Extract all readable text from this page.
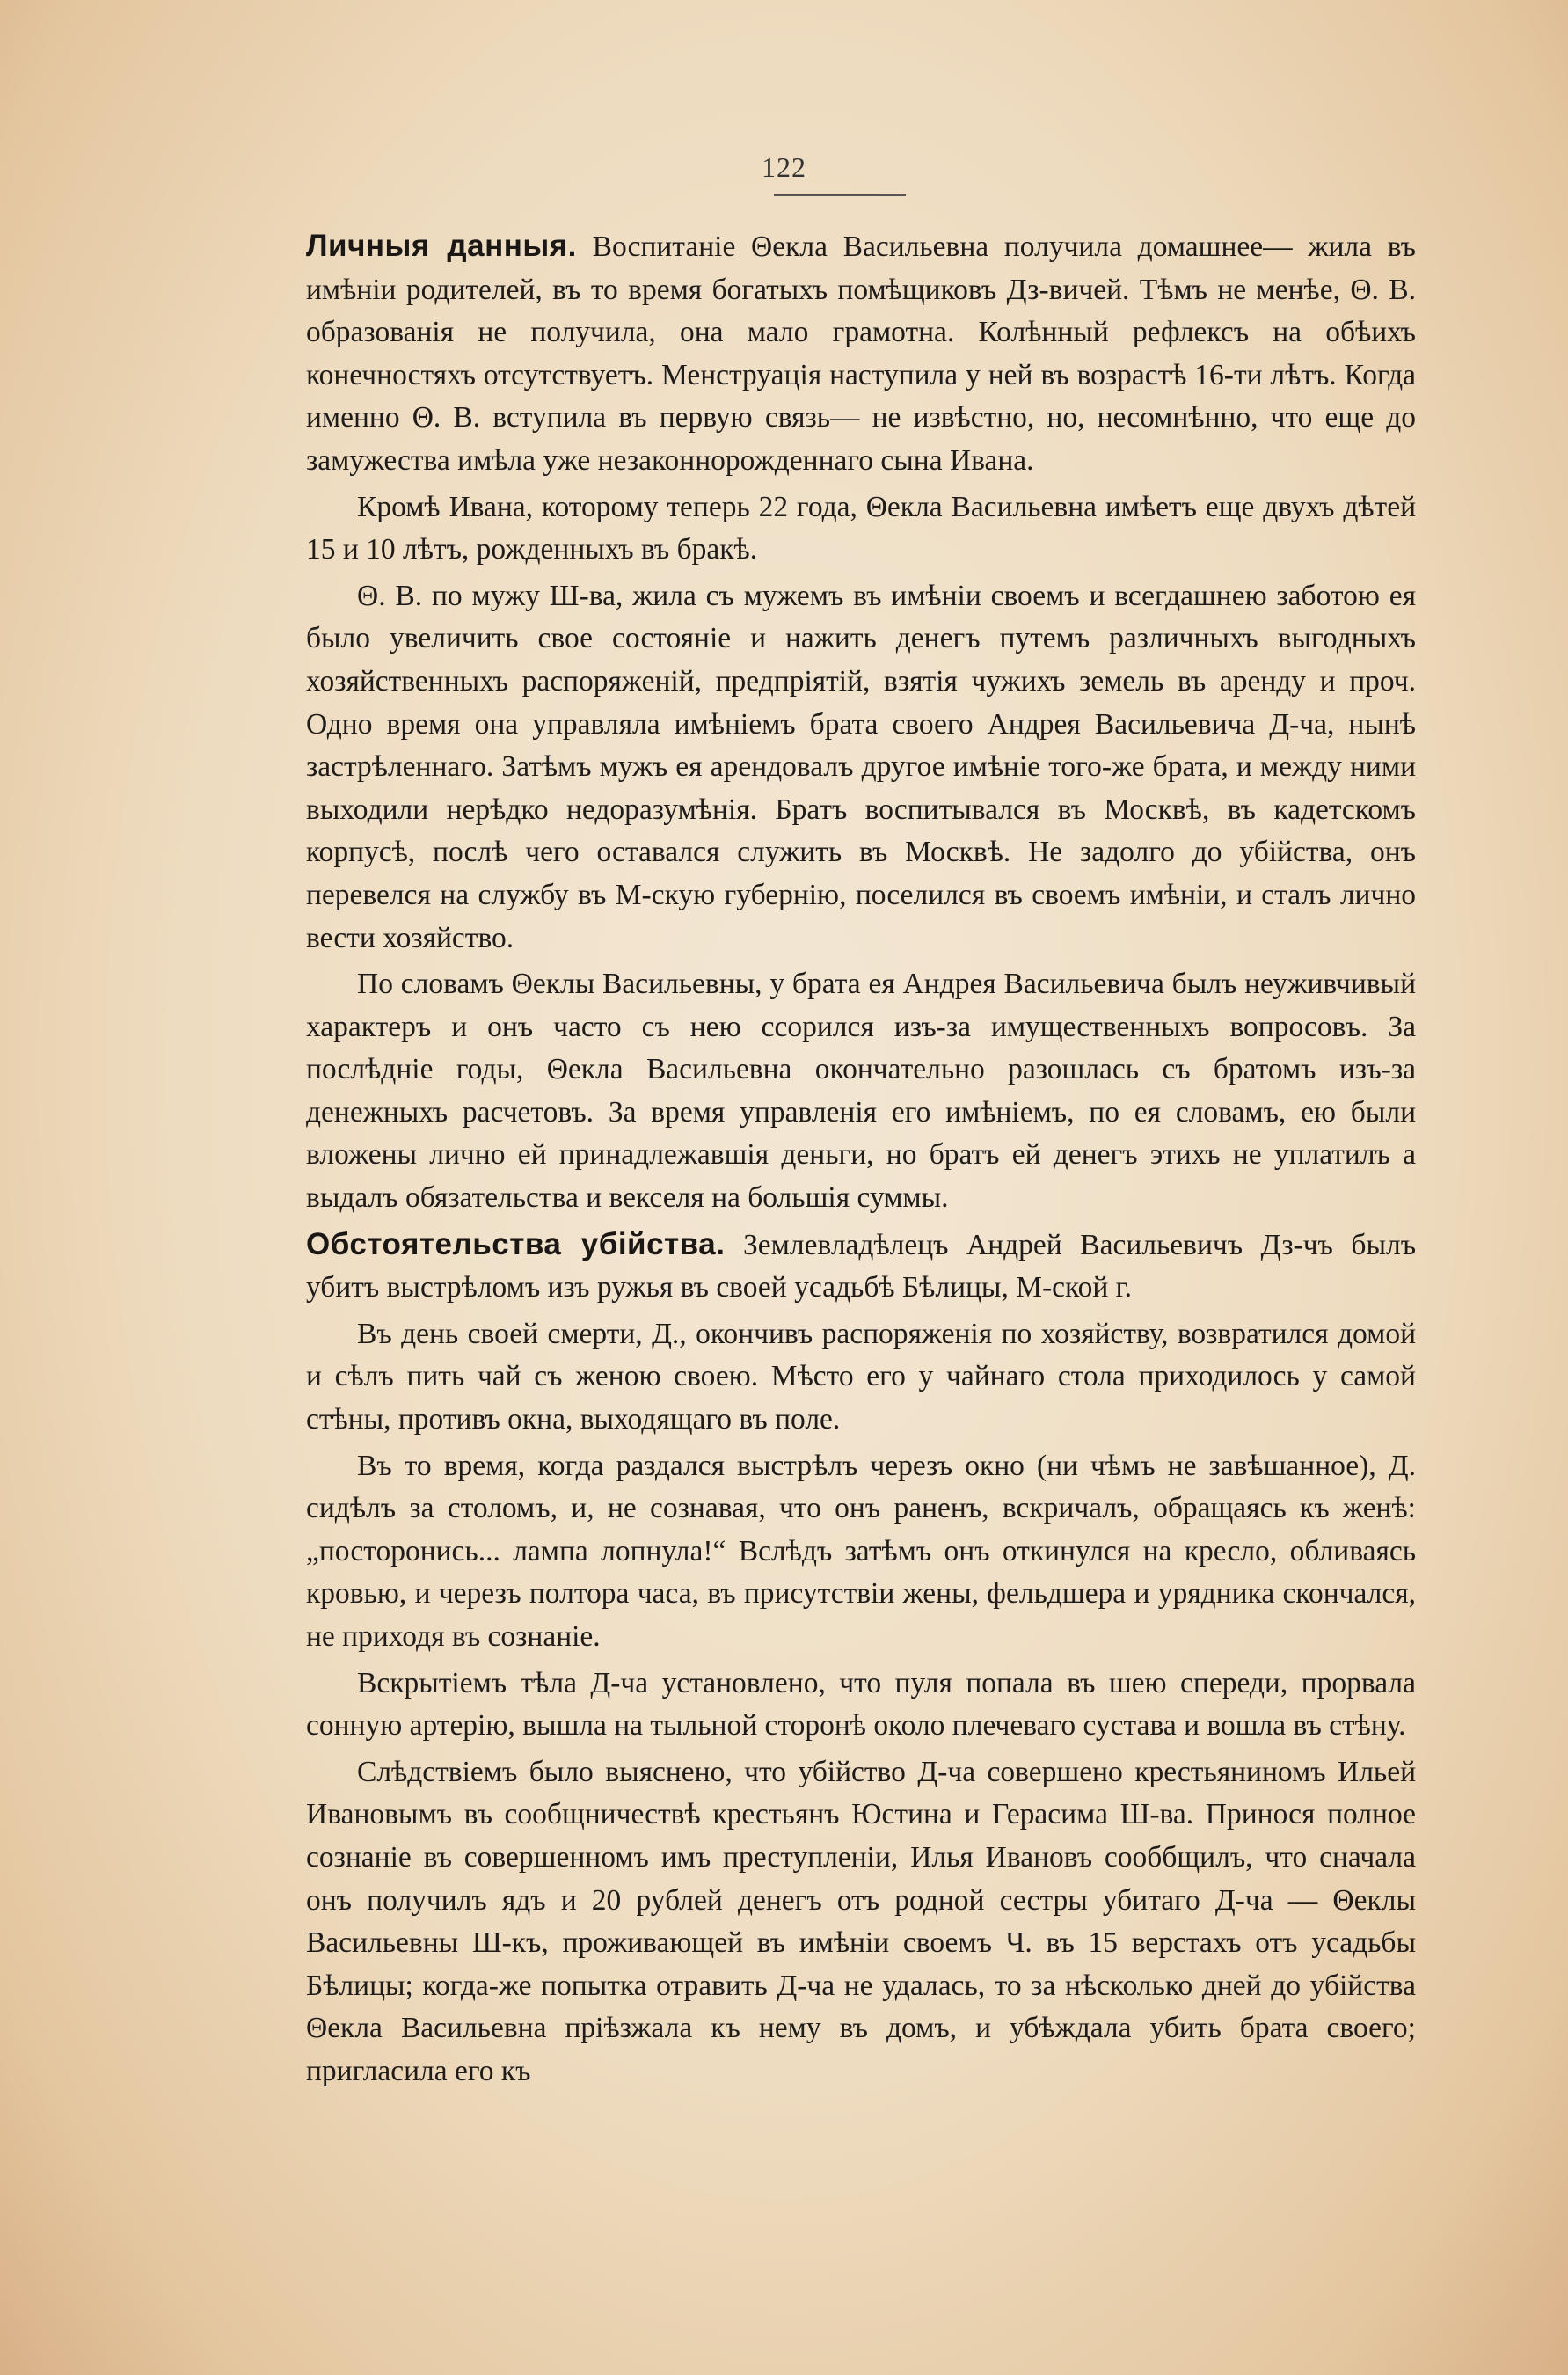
122

Личныя данныя. Воспитаніе Θекла Васильевна получила домашнее— жила въ имѣніи родителей, въ то время богатыхъ помѣщиковъ Дз-вичей. Тѣмъ не менѣе, Θ. В. образованія не получила, она мало грамотна. Колѣнный рефлексъ на обѣихъ конечностяхъ отсутствуетъ. Менструація наступила у ней въ возрастѣ 16-ти лѣтъ. Когда именно Θ. В. вступила въ первую связь— не извѣстно, но, несомнѣнно, что еще до замужества имѣла уже незаконнорожденнаго сына Ивана.

Кромѣ Ивана, которому теперь 22 года, Θекла Васильевна имѣетъ еще двухъ дѣтей 15 и 10 лѣтъ, рожденныхъ въ бракѣ.

Θ. В. по мужу Ш-ва, жила съ мужемъ въ имѣніи своемъ и всегдашнею заботою ея было увеличить свое состояніе и нажить денегъ путемъ различныхъ выгодныхъ хозяйственныхъ распоряженій, предпріятій, взятія чужихъ земель въ аренду и проч. Одно время она управляла имѣніемъ брата своего Андрея Васильевича Д-ча, нынѣ застрѣленнаго. Затѣмъ мужъ ея арендовалъ другое имѣніе того-же брата, и между ними выходили нерѣдко недоразумѣнія. Братъ воспитывался въ Москвѣ, въ кадетскомъ корпусѣ, послѣ чего оставался служить въ Москвѣ. Не задолго до убійства, онъ перевелся на службу въ М-скую губернію, поселился въ своемъ имѣніи, и сталъ лично вести хозяйство.

По словамъ Θеклы Васильевны, у брата ея Андрея Васильевича былъ неуживчивый характеръ и онъ часто съ нею ссорился изъ-за имущественныхъ вопросовъ. За послѣдніе годы, Θекла Васильевна окончательно разошлась съ братомъ изъ-за денежныхъ расчетовъ. За время управленія его имѣніемъ, по ея словамъ, ею были вложены лично ей принадлежавшія деньги, но братъ ей денегъ этихъ не уплатилъ а выдалъ обязательства и векселя на большія суммы.

Обстоятельства убійства. Землевладѣлецъ Андрей Васильевичъ Дз-чъ былъ убитъ выстрѣломъ изъ ружья въ своей усадьбѣ Бѣлицы, М-ской г.

Въ день своей смерти, Д., окончивъ распоряженія по хозяйству, возвратился домой и сѣлъ пить чай съ женою своею. Мѣсто его у чайнаго стола приходилось у самой стѣны, противъ окна, выходящаго въ поле.

Въ то время, когда раздался выстрѣлъ черезъ окно (ни чѣмъ не завѣшанное), Д. сидѣлъ за столомъ, и, не сознавая, что онъ раненъ, вскричалъ, обращаясь къ женѣ: „посторонись... лампа лопнула!“ Вслѣдъ затѣмъ онъ откинулся на кресло, обливаясь кровью, и черезъ полтора часа, въ присутствіи жены, фельдшера и урядника скончался, не приходя въ сознаніе.

Вскрытіемъ тѣла Д-ча установлено, что пуля попала въ шею спереди, прорвала сонную артерію, вышла на тыльной сторонѣ около плечеваго сустава и вошла въ стѣну.

Слѣдствіемъ было выяснено, что убійство Д-ча совершено крестьяниномъ Ильей Ивановымъ въ сообщничествѣ крестьянъ Юстина и Герасима Ш-ва. Принося полное сознаніе въ совершенномъ имъ преступленіи, Илья Ивановъ сооббщилъ, что сначала онъ получилъ ядъ и 20 рублей денегъ отъ родной сестры убитаго Д-ча — Θеклы Васильевны Ш-къ, проживающей въ имѣніи своемъ Ч. въ 15 верстахъ отъ усадьбы Бѣлицы; когда-же попытка отравить Д-ча не удалась, то за нѣсколько дней до убійства Θекла Васильевна пріѣзжала къ нему въ домъ, и убѣждала убить брата своего; пригласила его къ
